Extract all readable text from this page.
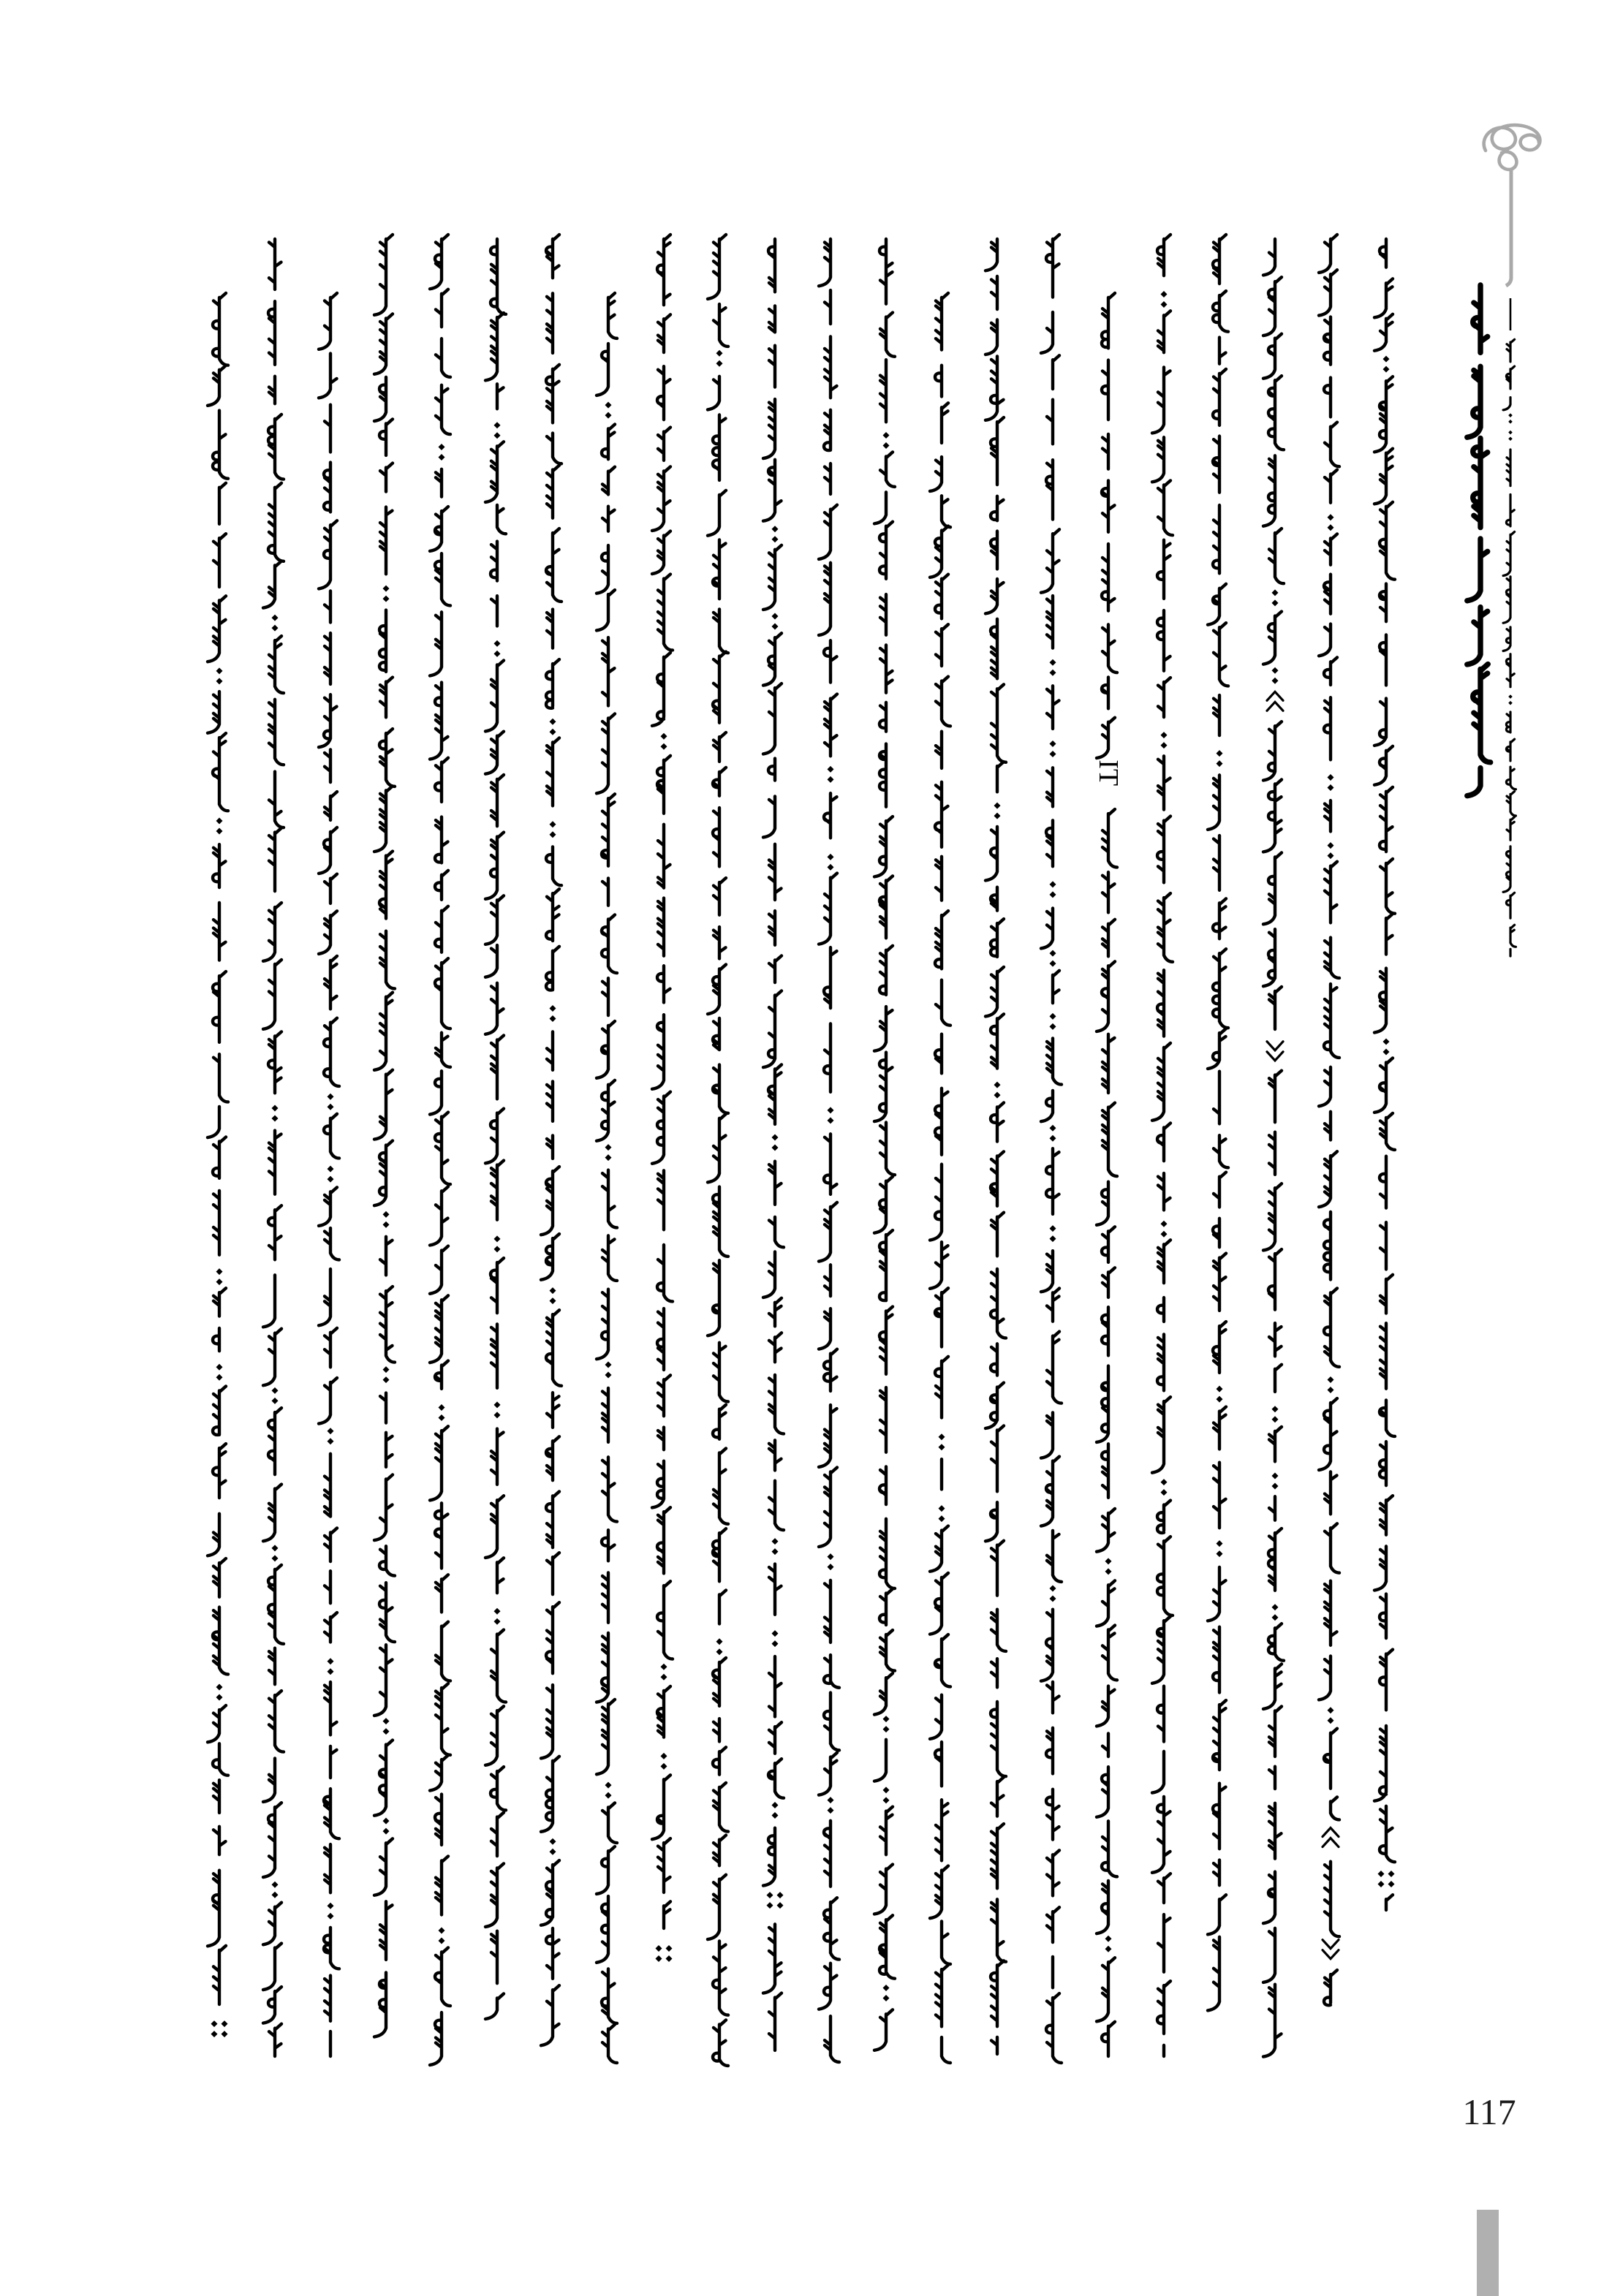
IT
117
